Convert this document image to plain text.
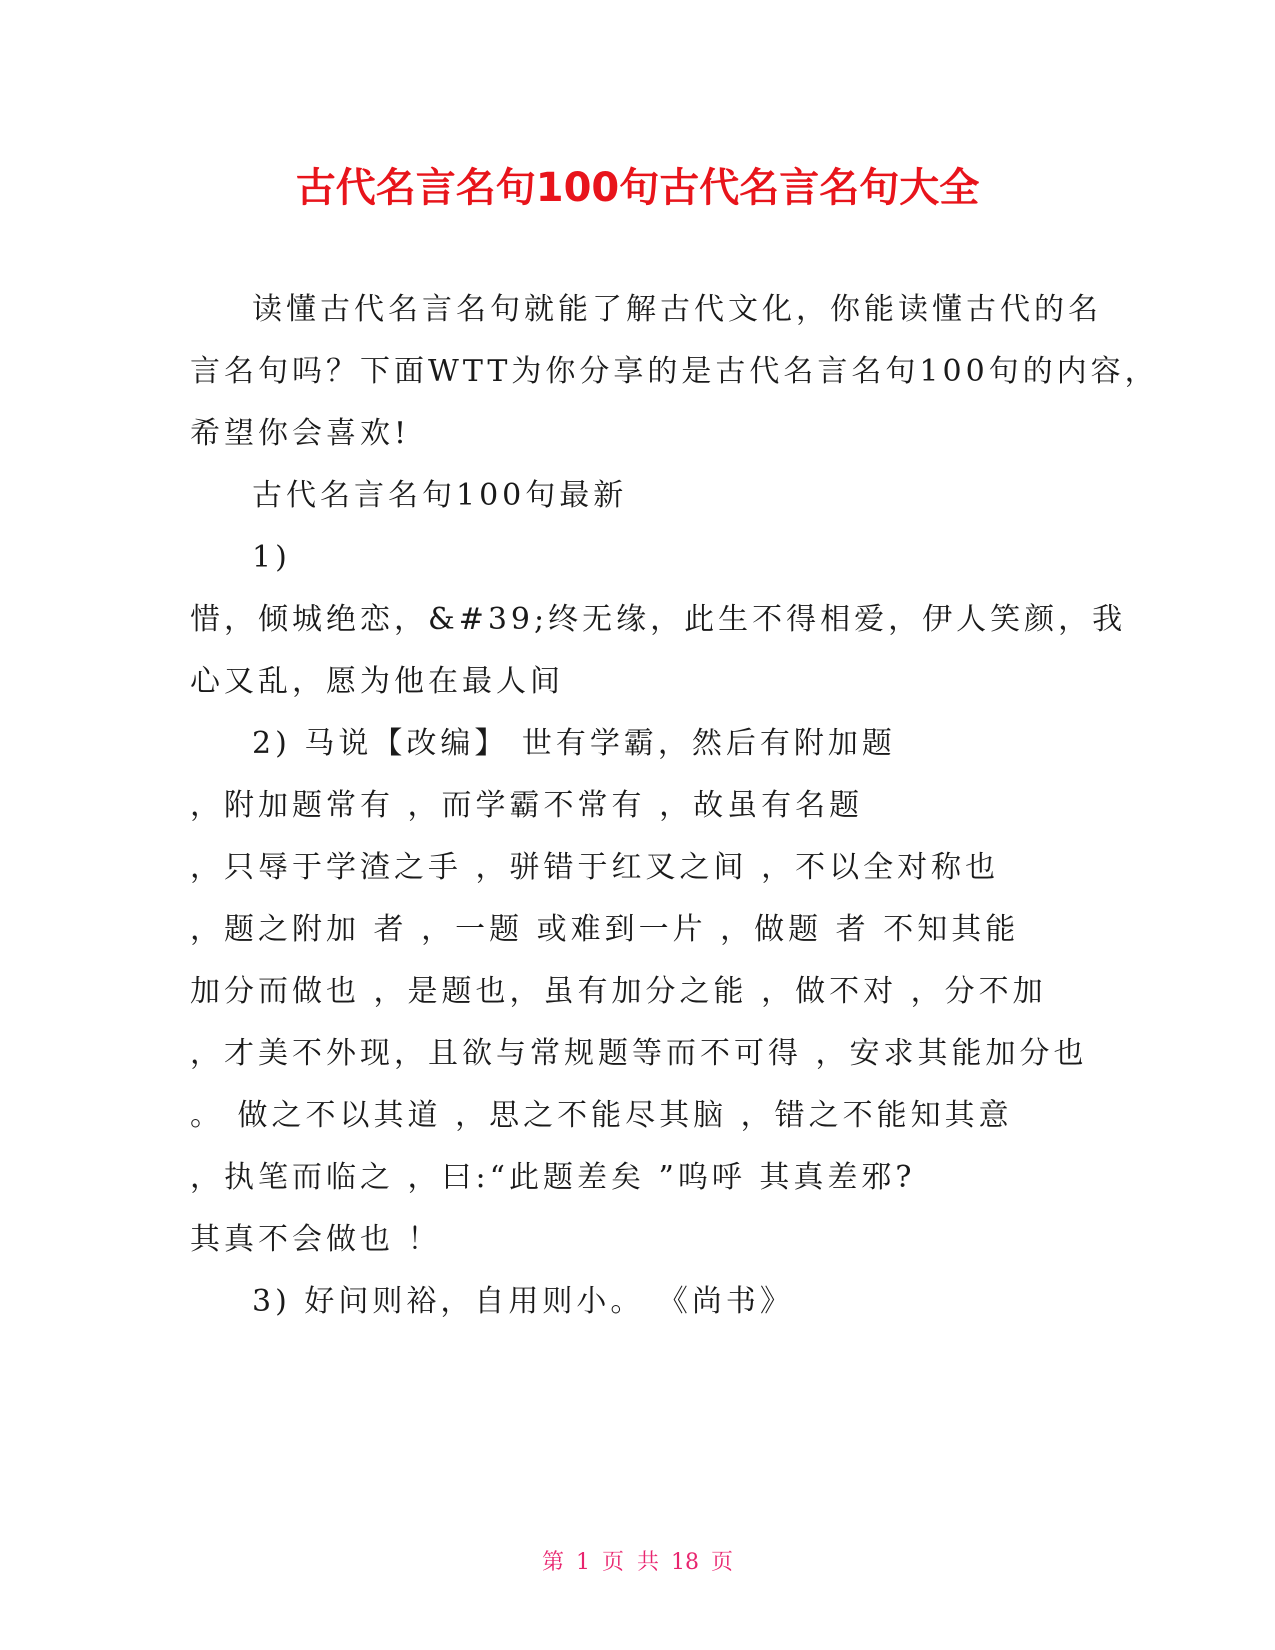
古代名言名句100句古代名言名句大全
读懂古代名言名句就能了解古代文化，你能读懂古代的名
言名句吗？下面WTT为你分享的是古代名言名句100句的内容，
希望你会喜欢!
古代名言名句100句最新
1)
惜，倾城绝恋，&#39;终无缘，此生不得相爱，伊人笑颜，我
心又乱，愿为他在最人间
2) 马说【改编】 世有学霸，然后有附加题
，附加题常有 ，而学霸不常有 ，故虽有名题
，只辱于学渣之手 ，骈错于红叉之间 ，不以全对称也
，题之附加 者 ，一题 或难到一片 ，做题 者 不知其能
加分而做也 ，是题也，虽有加分之能 ，做不对 ，分不加
，才美不外现，且欲与常规题等而不可得 ，安求其能加分也
。 做之不以其道 ，思之不能尽其脑 ，错之不能知其意
，执笔而临之 ，曰:“此题差矣 ”呜呼 其真差邪?
其真不会做也 ！
3) 好问则裕，自用则小。 《尚书》
第 1 页 共 18 页
